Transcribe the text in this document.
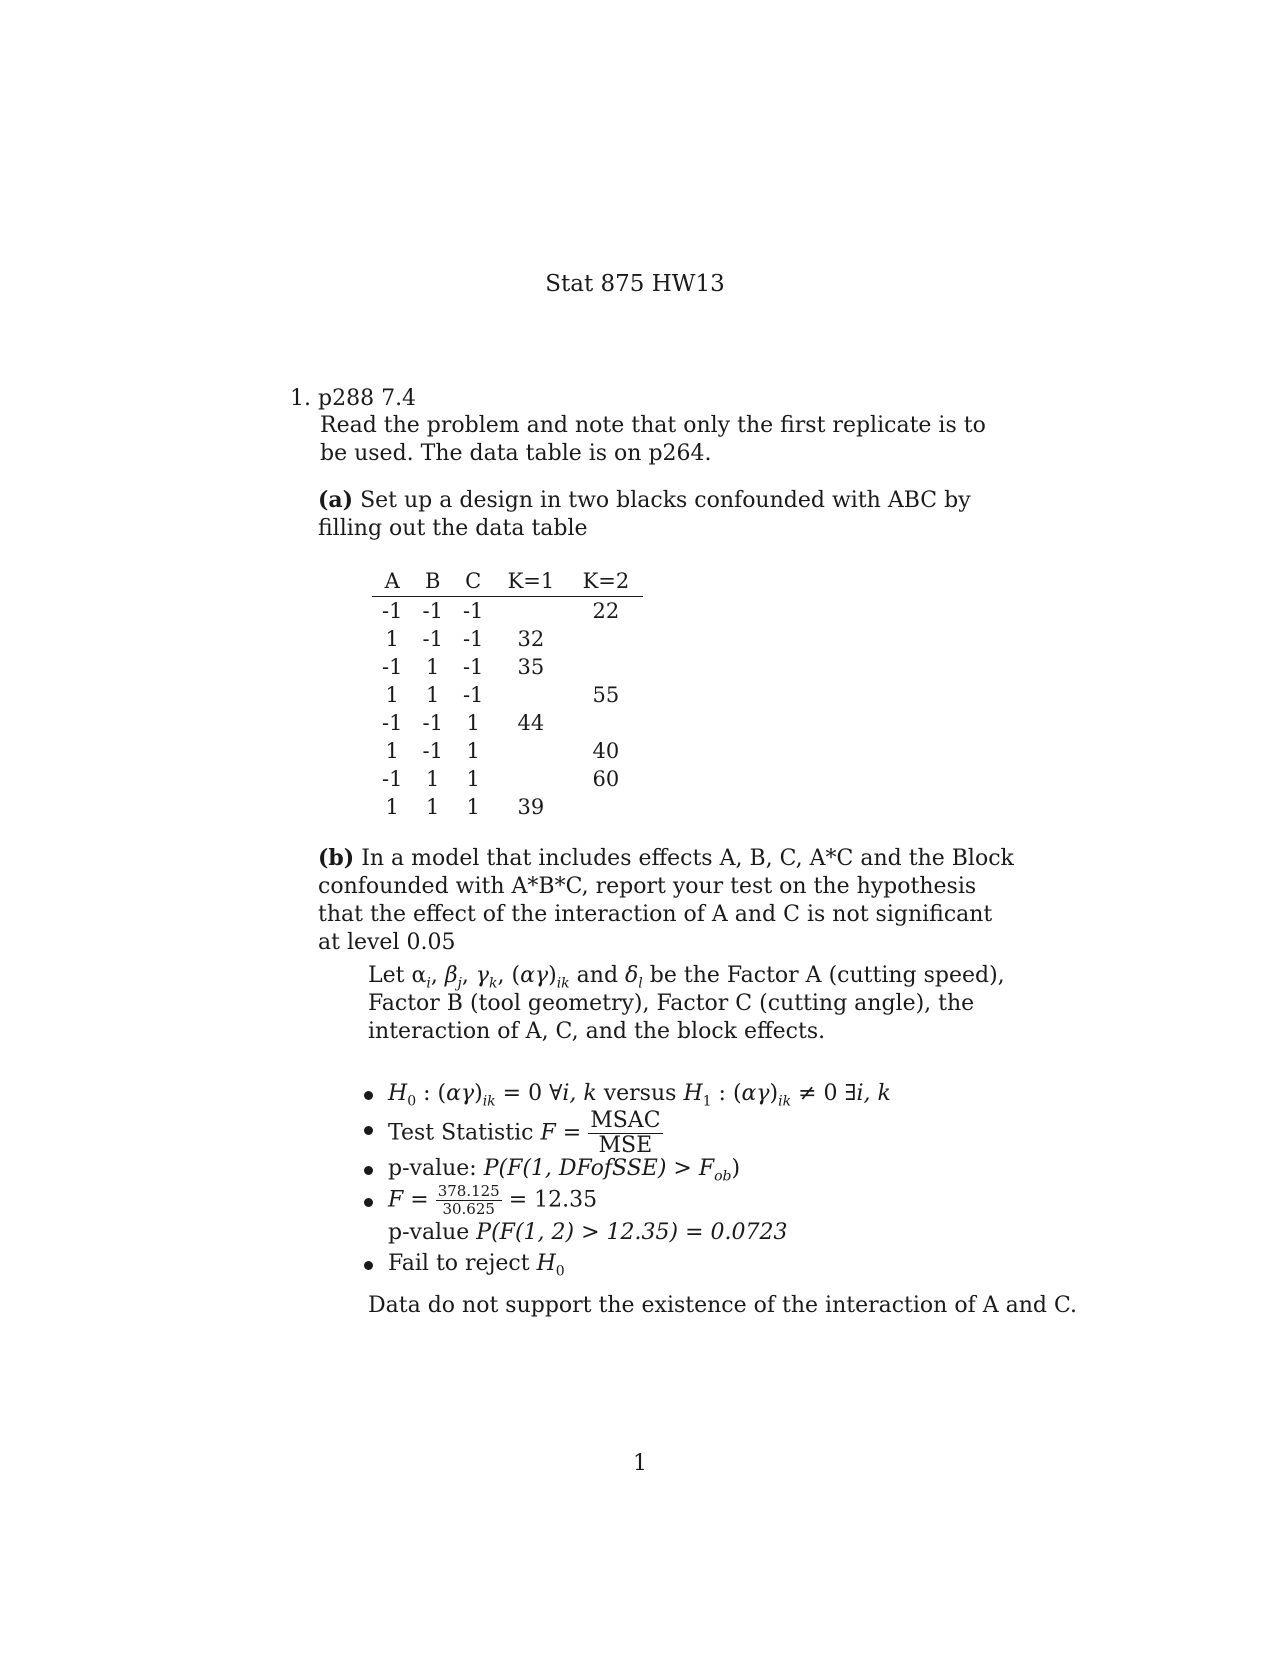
Stat 875 HW13
1. p288 7.4
Read the problem and note that only the first replicate is to be used. The data table is on p264.
(a) Set up a design in two blacks confounded with ABC by filling out the data table
A	B	C	K=1	K=2
-1	-1	-1		22
1	-1	-1	32	
-1	1	-1	35	
1	1	-1		55
-1	-1	1	44	
1	-1	1		40
-1	1	1		60
1	1	1	39	
(b) In a model that includes effects A, B, C, A*C and the Block confounded with A*B*C, report your test on the hypothesis that the effect of the interaction of A and C is not significant at level 0.05
Let $\alpha_i$, $\beta_j$, $\gamma_k$, $(\alpha\gamma)_{ik}$ and $\delta_l$ be the Factor A (cutting speed), Factor B (tool geometry), Factor C (cutting angle), the interaction of A, C, and the block effects.
$H_0$ : $(\alpha\gamma)_{ik} = 0$ ∀i, k versus $H_1$ : $(\alpha\gamma)_{ik} \ne 0$ ∃i, k
Test Statistic $F = \frac{\text{MSAC}}{\text{MSE}}$
p-value: P(F(1, DFofSSE) > $F_{ob}$)
$F = \frac{378.125}{30.625} = 12.35$
p-value P(F(1, 2) > 12.35) = 0.0723
Fail to reject $H_0$
Data do not support the existence of the interaction of A and C.
1
